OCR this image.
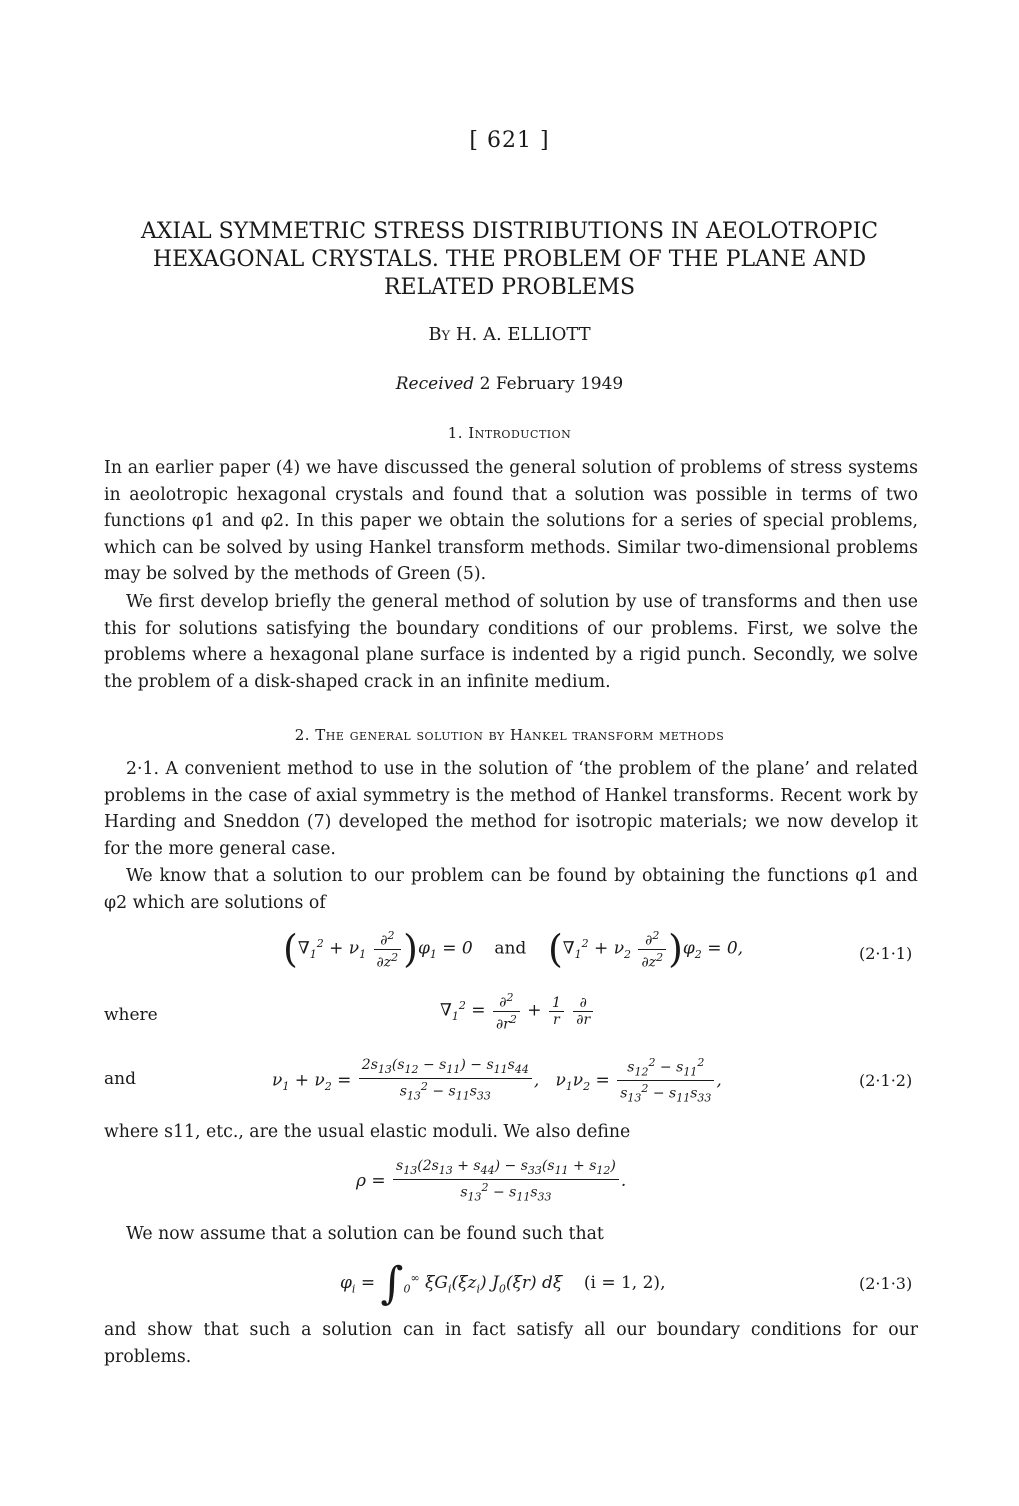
[ 621 ]
AXIAL SYMMETRIC STRESS DISTRIBUTIONS IN AEOLOTROPIC
HEXAGONAL CRYSTALS. THE PROBLEM OF THE PLANE AND
RELATED PROBLEMS
By H. A. ELLIOTT
Received 2 February 1949
1. Introduction
In an earlier paper (4) we have discussed the general solution of problems of stress systems in aeolotropic hexagonal crystals and found that a solution was possible in terms of two functions φ1 and φ2. In this paper we obtain the solutions for a series of special problems, which can be solved by using Hankel transform methods. Similar two-dimensional problems may be solved by the methods of Green (5).
We first develop briefly the general method of solution by use of transforms and then use this for solutions satisfying the boundary conditions of our problems. First, we solve the problems where a hexagonal plane surface is indented by a rigid punch. Secondly, we solve the problem of a disk-shaped crack in an infinite medium.
2. The general solution by Hankel transform methods
2·1. A convenient method to use in the solution of ‘the problem of the plane’ and related problems in the case of axial symmetry is the method of Hankel transforms. Recent work by Harding and Sneddon (7) developed the method for isotropic materials; we now develop it for the more general case.
We know that a solution to our problem can be found by obtaining the functions φ1 and φ2 which are solutions of
$(\nabla_1^2 + \nu_1 \frac{\partial^2}{\partial z^2} )\varphi_1 = 0$    and $(\nabla_1^2 + \nu_2 \frac{\partial^2}{\partial z^2} )\varphi_2 = 0$,	(2·1·1)
where	$\nabla_1^2 = \frac{\partial^2}{\partial r^2} + \frac{1}{r}$
$\frac{\partial}{\partial r}$
and	$\nu_1 + \nu_2 = \frac{2s_{13}(s_{12} - s_{11}) - s_{11}s_{44}}{s_{13}^2 - s_{11}s_{33}}$ ,   $\nu_1\nu_2 = \frac{s_{12}^2 - s_{11}^2}{s_{13}^2 - s_{11}s_{33}}$ ,	(2·1·2)
where s11, etc., are the usual elastic moduli. We also define
$\rho = \frac{s_{13}(2s_{13} + s_{44}) - s_{33}(s_{11} + s_{12})}{s_{13}^2 - s_{11}s_{33}}$ .
We now assume that a solution can be found such that
$\varphi_i = \int_0^\infty$ $\xi G_i(\xi z_i)$ $J_0(\xi r)$ dξ    (i = 1, 2),	(2·1·3)
and show that such a solution can in fact satisfy all our boundary conditions for our problems.
